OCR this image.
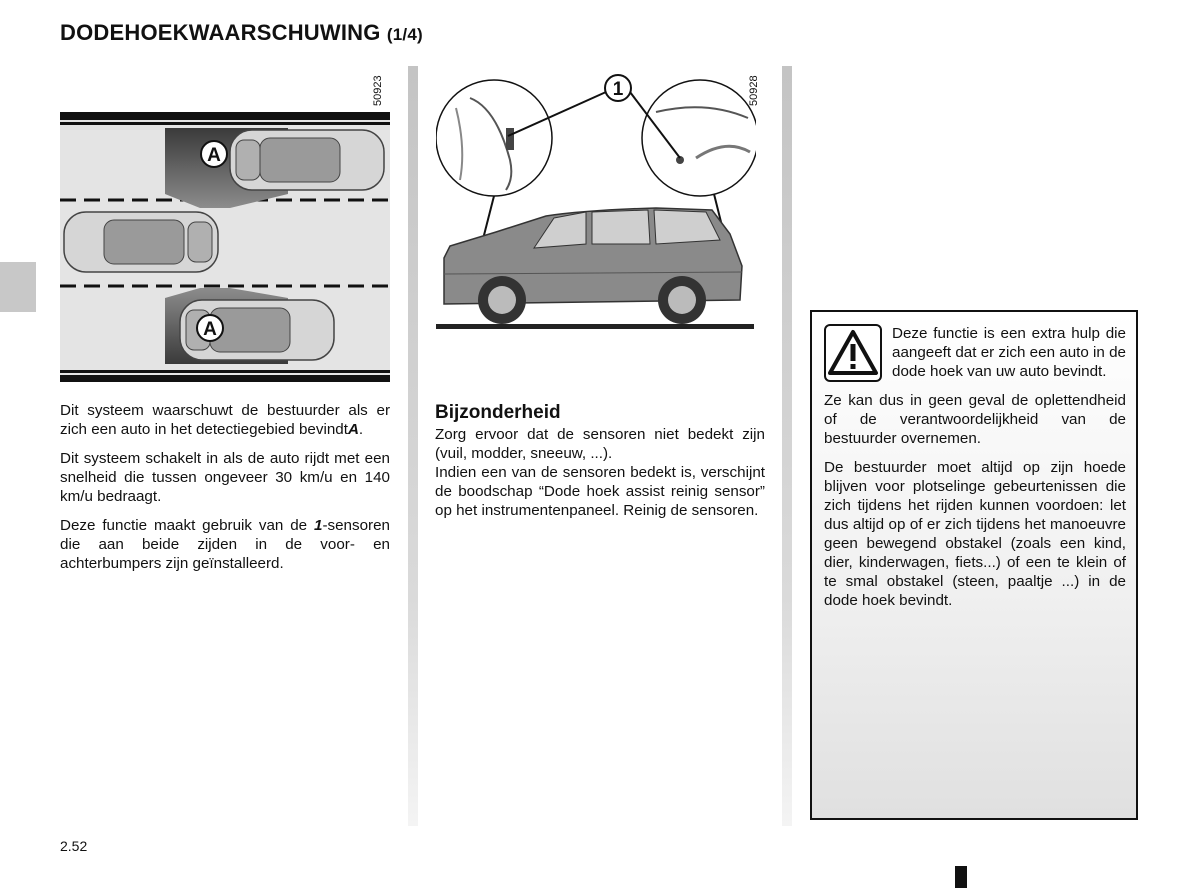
DODEHOEKWAARSCHUWING (1/4)
50923
A
A
50928
1

Dit systeem waarschuwt de bestuurder als er zich een auto in het detectiegebied bevindtA.

Dit systeem schakelt in als de auto rijdt met een snelheid die tussen ongeveer 30 km/u en 140 km/u bedraagt.

Deze functie maakt gebruik van de 1-sensoren die aan beide zijden in de voor- en achterbumpers zijn geïnstalleerd.

Bijzonderheid
Zorg ervoor dat de sensoren niet bedekt zijn (vuil, modder, sneeuw, ...).
Indien een van de sensoren bedekt is, verschijnt de boodschap “Dode hoek assist reinig sensor” op het instrumentenpaneel. Reinig de sensoren.

Deze functie is een extra hulp die aangeeft dat er zich een auto in de dode hoek van uw auto bevindt.

Ze kan dus in geen geval de oplettendheid of de verantwoordelijkheid van de bestuurder overnemen.

De bestuurder moet altijd op zijn hoede blijven voor plotselinge gebeurtenissen die zich tijdens het rijden kunnen voordoen: let dus altijd op of er zich tijdens het manoeuvre geen bewegend obstakel (zoals een kind, dier, kinderwagen, fiets...) of een te klein of te smal obstakel (steen, paaltje ...) in de dode hoek bevindt.

2.52
